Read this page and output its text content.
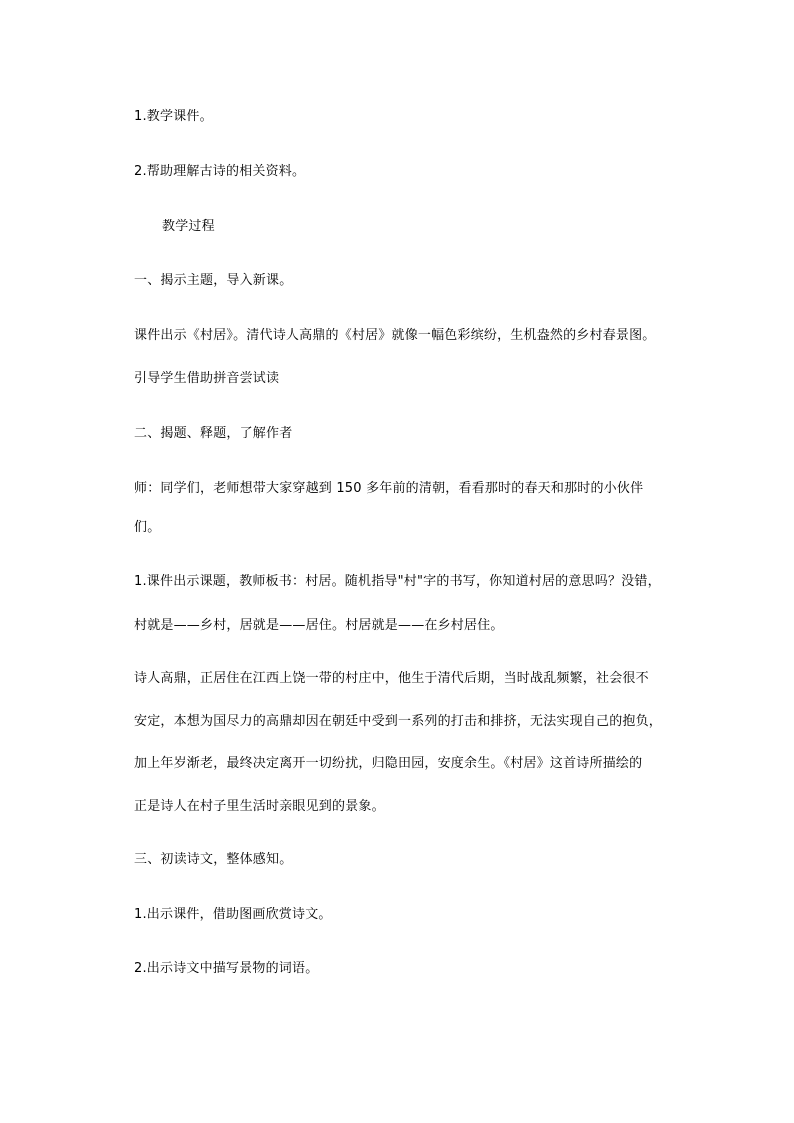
1.教学课件。
2.帮助理解古诗的相关资料。
教学过程
一、揭示主题，导入新课。
课件出示《村居》。清代诗人高鼎的《村居》就像一幅色彩缤纷，生机盎然的乡村春景图。
引导学生借助拼音尝试读
二、揭题、释题，了解作者
师：同学们，老师想带大家穿越到 150 多年前的清朝，看看那时的春天和那时的小伙伴
们。
1.课件出示课题，教师板书：村居。随机指导"村"字的书写，你知道村居的意思吗？没错，
村就是——乡村，居就是——居住。村居就是——在乡村居住。
诗人高鼎，正居住在江西上饶一带的村庄中，他生于清代后期，当时战乱频繁，社会很不
安定，本想为国尽力的高鼎却因在朝廷中受到一系列的打击和排挤，无法实现自己的抱负，
加上年岁渐老，最终决定离开一切纷扰，归隐田园，安度余生。《村居》这首诗所描绘的
正是诗人在村子里生活时亲眼见到的景象。
三、初读诗文，整体感知。
1.出示课件，借助图画欣赏诗文。
2.出示诗文中描写景物的词语。
